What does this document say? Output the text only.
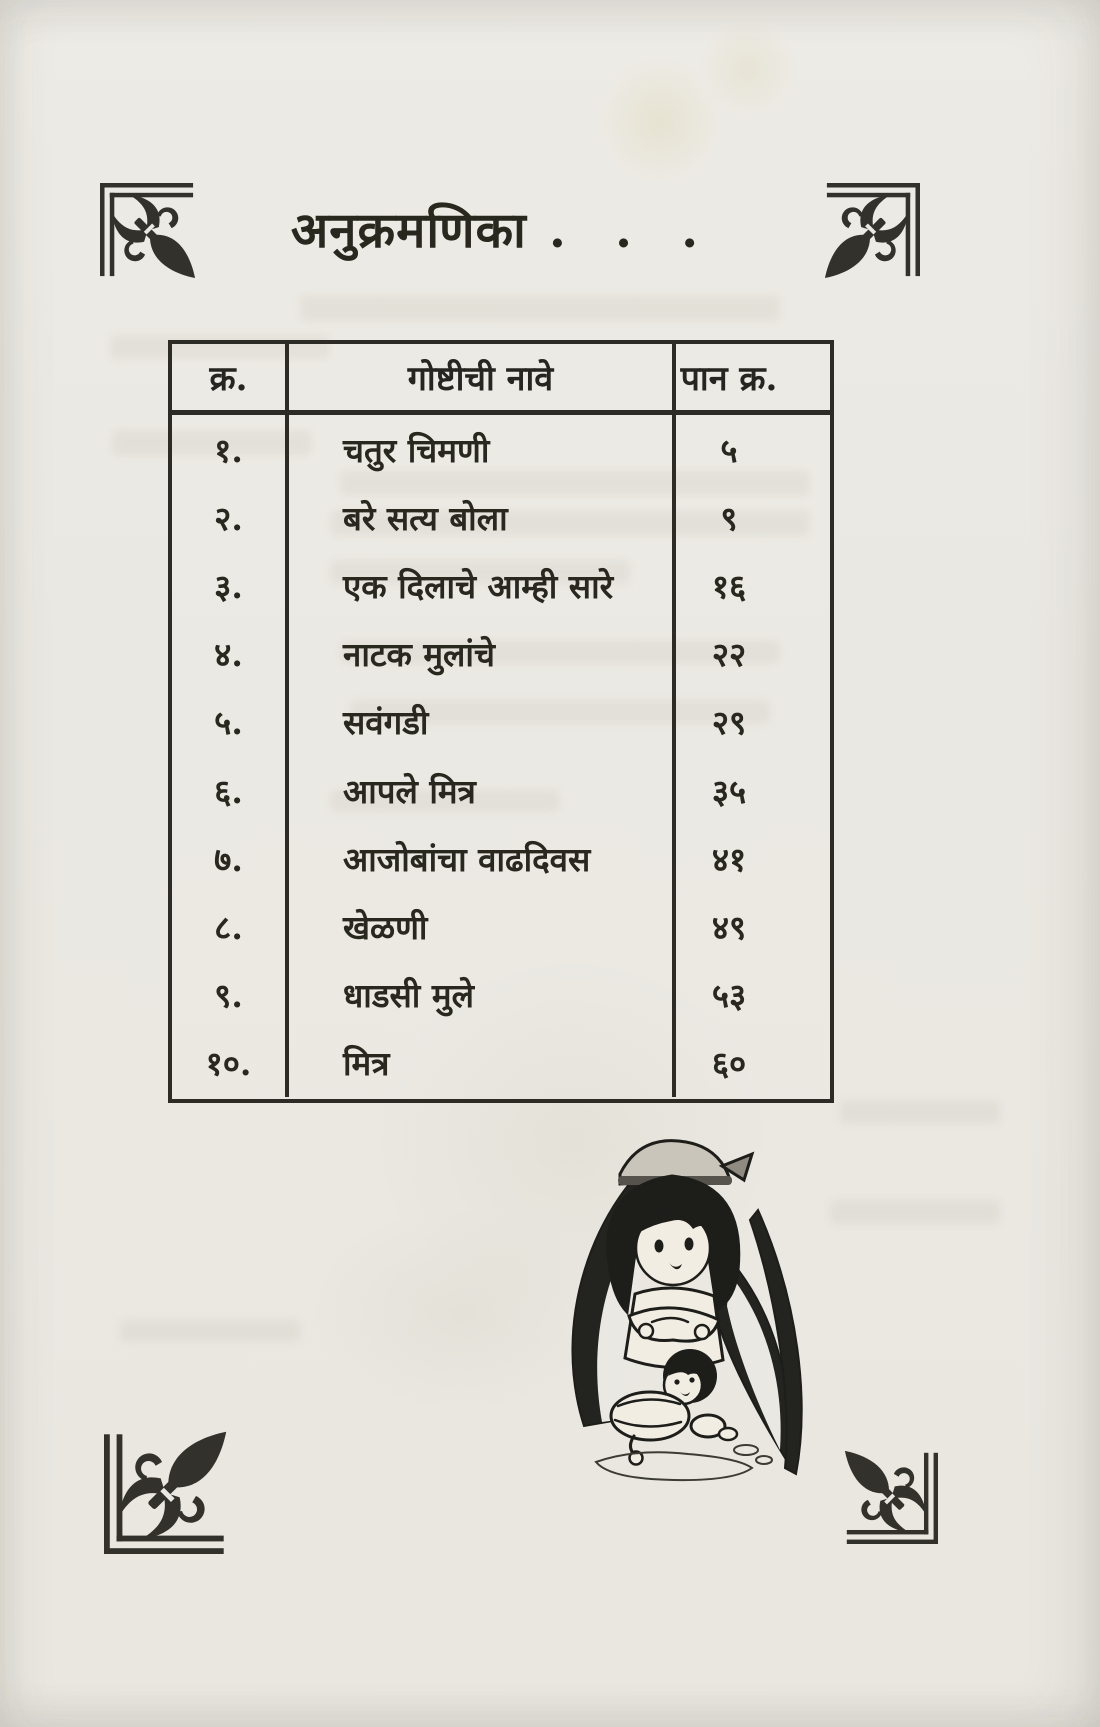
अनुक्रमणिका . . .
क्र.	गोष्टीची नावे	पान क्र.
१.	चतुर चिमणी	५
२.	बरे सत्य बोला	९
३.	एक दिलाचे आम्ही सारे	१६
४.	नाटक मुलांचे	२२
५.	सवंगडी	२९
६.	आपले मित्र	३५
७.	आजोबांचा वाढदिवस	४१
८.	खेळणी	४९
९.	धाडसी मुले	५३
१०.	मित्र	६०
